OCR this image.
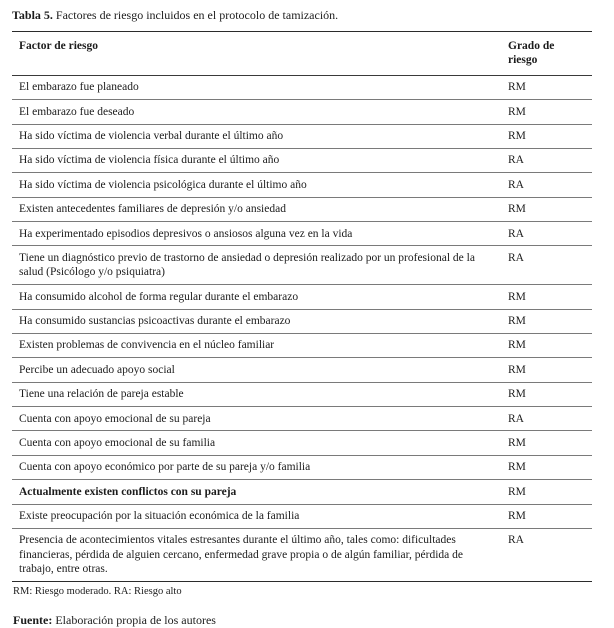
Tabla 5. Factores de riesgo incluidos en el protocolo de tamización.
Factor de riesgo	Grado de riesgo
El embarazo fue planeado	RM
El embarazo fue deseado	RM
Ha sido víctima de violencia verbal durante el último año	RM
Ha sido víctima de violencia física durante el último año	RA
Ha sido víctima de violencia psicológica durante el último año	RA
Existen antecedentes familiares de depresión y/o ansiedad	RM
Ha experimentado episodios depresivos o ansiosos alguna vez en la vida	RA
Tiene un diagnóstico previo de trastorno de ansiedad o depresión realizado por un profesional de la salud (Psicólogo y/o psiquiatra)	RA
Ha consumido alcohol de forma regular durante el embarazo	RM
Ha consumido sustancias psicoactivas durante el embarazo	RM
Existen problemas de convivencia en el núcleo familiar	RM
Percibe un adecuado apoyo social	RM
Tiene una relación de pareja estable	RM
Cuenta con apoyo emocional de su pareja	RA
Cuenta con apoyo emocional de su familia	RM
Cuenta con apoyo económico por parte de su pareja y/o familia	RM
Actualmente existen conflictos con su pareja	RM
Existe preocupación por la situación económica de la familia	RM
Presencia de acontecimientos vitales estresantes durante el último año, tales como: dificultades financieras, pérdida de alguien cercano, enfermedad grave propia o de algún familiar, pérdida de trabajo, entre otras.	RA
RM: Riesgo moderado. RA: Riesgo alto
Fuente: Elaboración propia de los autores
